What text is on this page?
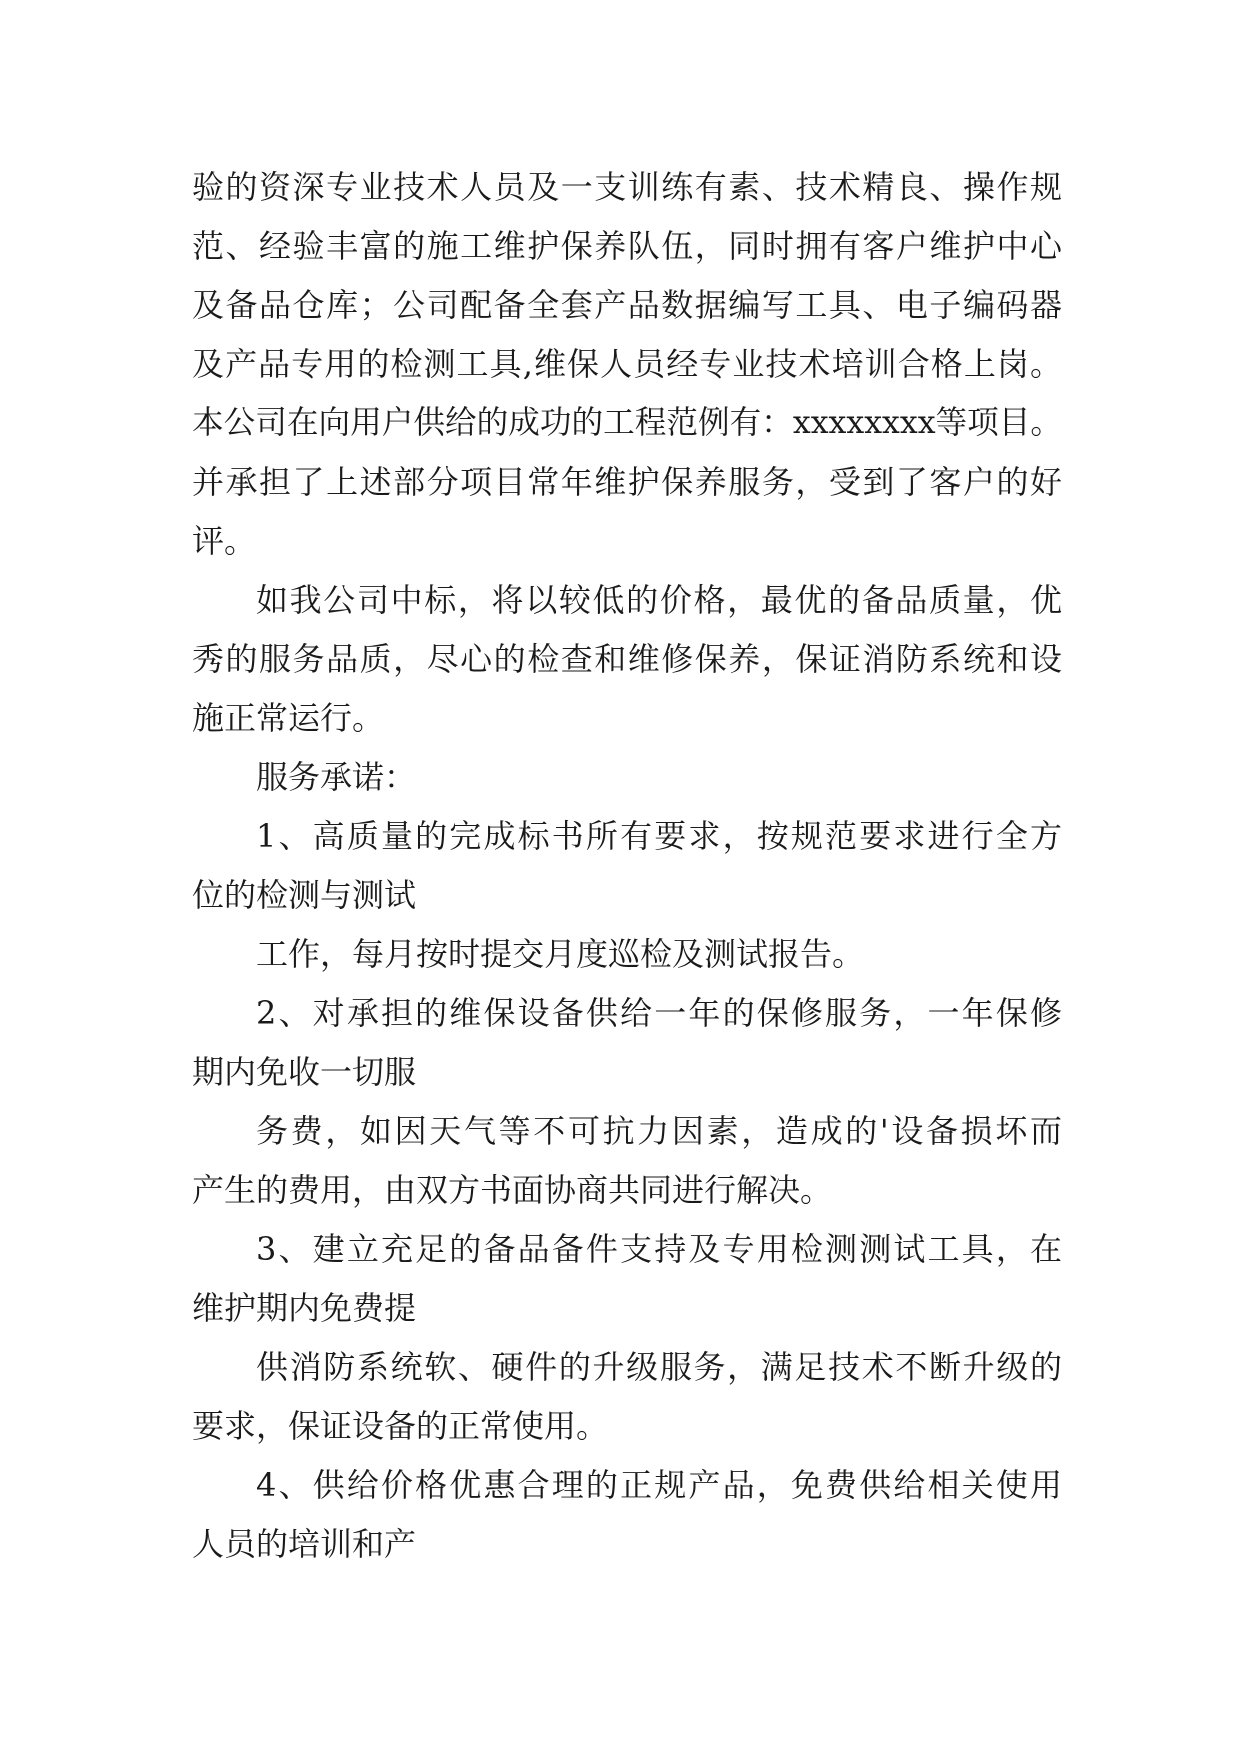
验的资深专业技术人员及一支训练有素、技术精良、操作规
范、经验丰富的施工维护保养队伍，同时拥有客户维护中心
及备品仓库；公司配备全套产品数据编写工具、电子编码器
及产品专用的检测工具,维保人员经专业技术培训合格上岗。
本公司在向用户供给的成功的工程范例有：xxxxxxxx等项目。
并承担了上述部分项目常年维护保养服务，受到了客户的好
评。
如我公司中标，将以较低的价格，最优的备品质量，优
秀的服务品质，尽心的检查和维修保养，保证消防系统和设
施正常运行。
服务承诺：
1、高质量的完成标书所有要求，按规范要求进行全方
位的检测与测试
工作，每月按时提交月度巡检及测试报告。
2、对承担的维保设备供给一年的保修服务，一年保修
期内免收一切服
务费，如因天气等不可抗力因素，造成的'设备损坏而
产生的费用，由双方书面协商共同进行解决。
3、建立充足的备品备件支持及专用检测测试工具，在
维护期内免费提
供消防系统软、硬件的升级服务，满足技术不断升级的
要求，保证设备的正常使用。
4、供给价格优惠合理的正规产品，免费供给相关使用
人员的培训和产
